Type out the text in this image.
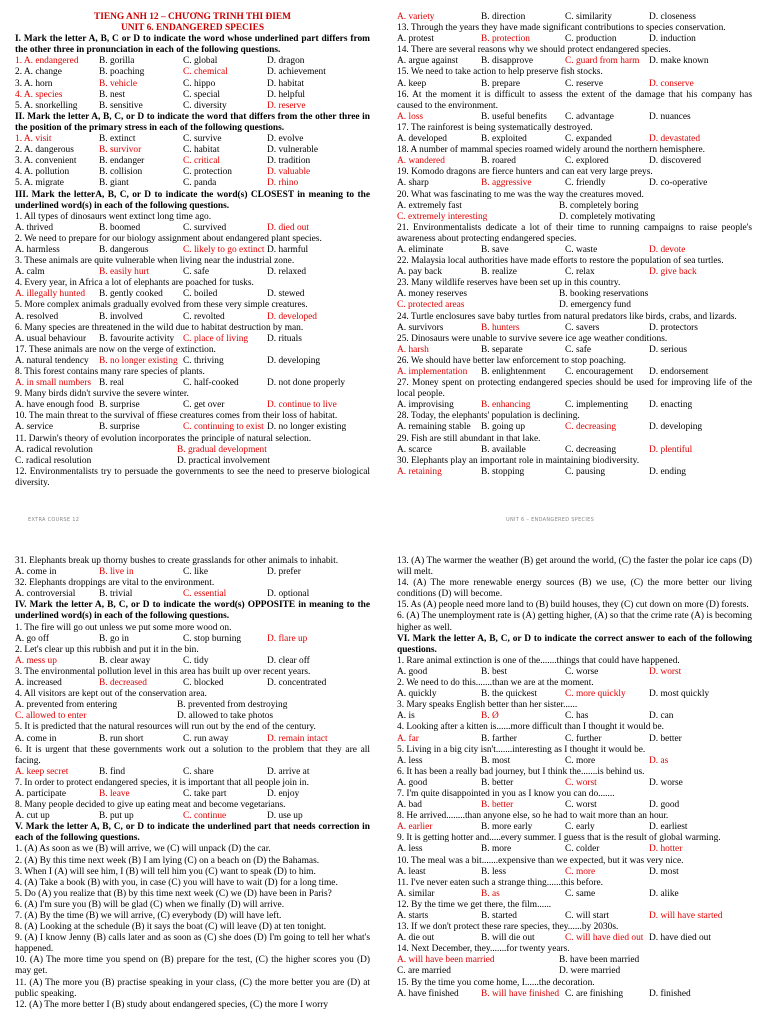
TIẾNG ANH 12 – CHƯƠNG TRÌNH THÍ ĐIỂM
UNIT 6. ENDANGERED SPECIES
I. Mark the letter A, B, C or D to indicate the word whose underlined part differs from the other three in pronunciation in each of the following questions.
1. A. endangered B. gorilla	C. global	D. dragon
2. A. change	B. poaching	C. chemical	D. achievement
3. A. horn	B. vehicle	C. hippo	D. habitat
4. A. species	B. nest	C. special	D. helpful
5. A. snorkelling B. sensitive	C. diversity	D. reserve
II. Mark the letter A, B, C, or D to indicate the word that differs from the other three in the position of the primary stress in each of the following questions.
1. A. visit	B. extinct	C. survive	D. evolve
2. A. dangerous	B. survivor	C. habitat	D. vulnerable
3. A. convenient B. endanger	C. critical	D. tradition
4. A. pollution	B. collision	C. protection	D. valuable
5. A. migrate	B. giant	C. panda	D. rhino
III. Mark the letterA, B, C, or D to indicate the word(s) CLOSEST in meaning to the underlined word(s) in each of the following questions.
1. All types of dinosaurs went extinct long time ago.
A. thrived	B. boomed	C. survived	D. died out
2. We need to prepare for our biology assignment about endangered plant species.
A. harmless	B. dangerous	C. likely to go extinct D. harmful
3. These animals are quite vulnerable when living near the industrial zone.
A. calm	B. easily hurt	C. safe	D. relaxed
4. Every year, in Africa a lot of elephants are poached for tusks.
A. illegally hunted B. gently cooked C. boiled	D. stewed
5. More complex animals gradually evolved from these very simple creatures.
A. resolved	B. involved	C. revolted	D. developed
6. Many species are threatened in the wild due to habitat destruction by man.
A. usual behaviour B. favourite activity C. place of living D. rituals
17. These animals are now on the verge of extinction.
A. natural tendency B. no longer existing C. thriving	D. developing
8. This forest contains many rare species of plants.
A. in small numbers B. real	C. half-cooked	D. not done properly
9. Many birds didn't survive the severe winter.
A. have enough food B. surprise	C. get over	D. continue to live
10. The main threat to the survival of ffiese creatures comes from their loss of habitat.
A. service	B. surprise	C. continuing to exist D. no longer existing
11. Darwin's theory of evolution incorporates the principle of natural selection.
A. radical revolution	B. gradual development
C. radical resolution	D. practical involvement
12. Environmentalists try to persuade the governments to see the need to preserve biological diversity.
A. variety	B. direction	C. similarity	D. closeness
13. Through the years they have made significant contributions to species conservation.
A. protest	B. protection	C. production	D. induction
14. There are several reasons why we should protect endangered species.
A. argue against B. disapprove	C. guard from harm D. make known
15. We need to take action to help preserve fish stocks.
A. keep	B. prepare	C. reserve	D. conserve
16. At the moment it is difficult to assess the extent of the damage that his company has caused to the environment.
A. loss	B. useful benefits C. advantage	D. nuances
17. The rainforest is being systematically destroyed.
A. developed	B. exploited	C. expanded	D. devastated
18. A number of mammal species roamed widely around the northern hemisphere.
A. wandered	B. roared	C. explored	D. discovered
19. Komodo dragons are fierce hunters and can eat very large preys.
A. sharp	B. aggressive	C. friendly	D. co-operative
20. What was fascinating to me was the way the creatures moved.
A. extremely fast	B. completely boring
C. extremely interesting	D. completely motivating
21. Environmentalists dedicate a lot of their time to running campaigns to raise people's awareness about protecting endangered species.
A. eliminate	B. save	C. waste	D. devote
22. Malaysia local authorities have made efforts to restore the population of sea turtles.
A. pay back	B. realize	C. relax	D. give back
23. Many wildlife reserves have been set up in this country.
A. money reserves	B. booking reservations
C. protected areas	D. emergency fund
24. Turtle enclosures save baby turtles from natural predators like birds, crabs, and lizards.
A. survivors	B. hunters	C. savers	D. protectors
25. Dinosaurs were unable to survive severe ice age weather conditions.
A. harsh	B. separate	C. safe	D. serious
26. We should have better law enforcement to stop poaching.
A. implementation B. enlightenment C. encouragement D. endorsement
27. Money spent on protecting endangered species should be used for improving life of the local people.
A. improvising	B. enhancing	C. implementing D. enacting
28. Today, the elephants' population is declining.
A. remaining stable B. going up	C. decreasing	D. developing
29. Fish are still abundant in that lake.
A. scarce	B. available	C. decreasing	D. plentiful
30. Elephants play an important role in maintaining biodiversity.
A. retaining	B. stopping	C. pausing	D. ending
EXTRA COURSE 12	UNIT 6 – ENDANGERED SPECIES
31. Elephants break up thorny bushes to create grasslands for other animals to inhabit.
A. come in	B. live in	C. like	D. prefer
32. Elephants droppings are vital to the environment.
A. controversial	B. trivial	C. essential	D. optional
IV. Mark the letter A, B, C, or D to indicate the word(s) OPPOSITE in meaning to the underlined word(s) in each of the following questions.
1. The fire will go out unless we put some more wood on.
A. go off	B. go in	C. stop burning	D. flare up
2. Let's clear up this rubbish and put it in the bin.
A. mess up	B. clear away	C. tidy	D. clear off
3. The environmental pollution level in this area has built up over recent years.
A. increased	B. decreased	C. blocked	D. concentrated
4. All visitors are kept out of the conservation area.
A. prevented from entering	B. prevented from destroying
C. allowed to enter	D. allowed to take photos
5. It is predicted that the natural resources will run out by the end of the century.
A. come in	B. run short	C. run away	D. remain intact
6. It is urgent that these governments work out a solution to the problem that they are all facing.
A. keep secret	B. find	C. share	D. arrive at
7. In order to protect endangered species, it is important that all people join in.
A. participate	B. leave	C. take part	D. enjoy
8. Many people decided to give up eating meat and become vegetarians.
A. cut up	B. put up	C. continue	D. use up
V. Mark the letter A, B, C, or D to indicate the underlined part that needs correction in each of the following questions.
1. (A) As soon as we (B) will arrive, we (C) will unpack (D) the car.
2. (A) By this time next week (B) I am lying (C) on a beach on (D) the Bahamas.
3. When I (A) will see him, I (B) will tell him you (C) want to speak (D) to him.
4. (A) Take a book (B) with you, in case (C) you will have to wait (D) for a long time.
5. Do (A) you realize that (B) by this time next week (C) we (D) have been in Paris?
6. (A) I'm sure you (B) will be glad (C) when we finally (D) will arrive.
7. (A) By the time (B) we will arrive, (C) everybody (D) will have left.
8. (A) Looking at the schedule (B) it says the boat (C) will leave (D) at ten tonight.
9. (A) I know Jenny (B) calls later and as soon as (C) she does (D) I'm going to tell her what's happened.
10. (A) The more time you spend on (B) prepare for the test, (C) the higher scores you (D) may get.
11. (A) The more you (B) practise speaking in your class, (C) the more better you are (D) at public speaking.
12. (A) The more better I (B) study about endangered species, (C) the more I worry
13. (A) The warmer the weather (B) get around the world, (C) the faster the polar ice caps (D) will melt.
14. (A) The more renewable energy sources (B) we use, (C) the more better our living conditions (D) will become.
15. As (A) people need more land to (B) build houses, they (C) cut down on more (D) forests.
6. (A) The unemployment rate is (A) getting higher, (A) so that the crime rate (A) is becoming higher as well.
VI. Mark the letter A, B, C, or D to indicate the correct answer to each of the following questions.
1. Rare animal extinction is one of the.......things that could have happened.
A. good	B. best	C. worse	D. worst
2. We need to do this.......than we are at the moment.
A. quickly	B. the quickest	C. more quickly D. most quickly
3. Mary speaks English better than her sister......
A. is	B. Ø	C. has	D. can
4. Looking after a kitten is......more difficult than I thought it would be.
A. far	B. farther	C. further	D. better
5. Living in a big city isn't.......interesting as I thought it would be.
A. less	B. most	C. more	D. as
6. It has been a really bad journey, but I think the.......is behind us.
A. good	B. better	C. worst	D. worse
7. I'm quite disappointed in you as I know you can do.......
A. bad	B. better	C. worst	D. good
8. He arrived........than anyone else, so he had to wait more than an hour.
A. earlier	B. more early	C. early	D. earliest
9. It is getting hotter and.....every summer. I guess that is the result of global warming.
A. less	B. more	C. colder	D. hotter
10. The meal was a bit.......expensive than we expected, but it was very nice.
A. least	B. less	C. more	D. most
11. I've never eaten such a strange thing......this before.
A. similar	B. as	C. same	D. alike
12. By the time we get there, the film......
A. starts	B. started	C. will start	D. will have started
13. If we don't protect these rare species, they......by 2030s.
A. die out	B. will die out	C. will have died out D. have died out
14. Next December, they.......for twenty years.
A. will have been married	B. have been married
C. are married	D. were married
15. By the time you come home, I......the decoration.
A. have finished B. will have finished C. are finishing	D. finished
